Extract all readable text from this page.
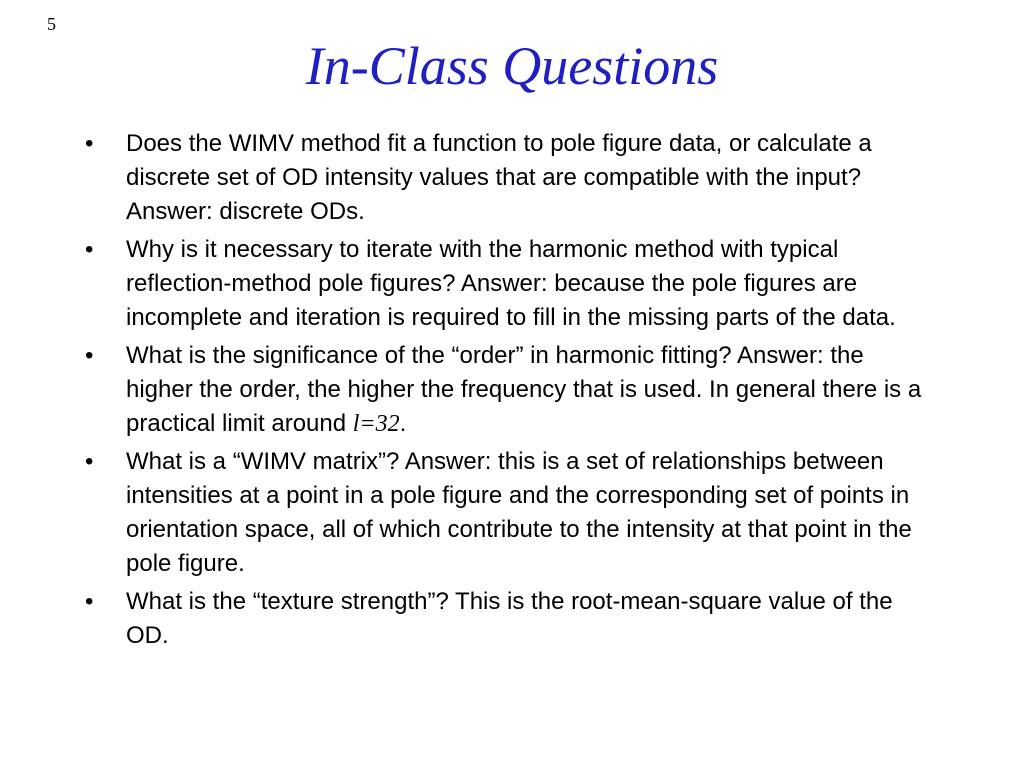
5
In-Class Questions
•	Does the WIMV method fit a function to pole figure data, or calculate a discrete set of OD intensity values that are compatible with the input? Answer: discrete ODs.
•	Why is it necessary to iterate with the harmonic method with typical reflection-method pole figures? Answer: because the pole figures are incomplete and iteration is required to fill in the missing parts of the data.
•	What is the significance of the “order” in harmonic fitting? Answer: the higher the order, the higher the frequency that is used. In general there is a practical limit around l=32.
•	What is a “WIMV matrix”? Answer: this is a set of relationships between intensities at a point in a pole figure and the corresponding set of points in orientation space, all of which contribute to the intensity at that point in the pole figure.
•	What is the “texture strength”? This is the root-mean-square value of the OD.
